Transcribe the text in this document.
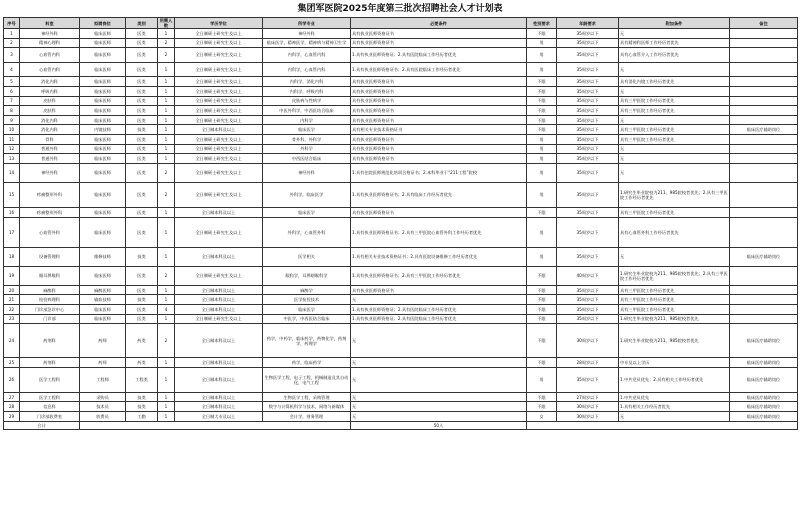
集团军医院2025年度第三批次招聘社会人才计划表
序号	科室	拟聘岗位	类别	所需人数	学历学位	所学专业	必要条件	性别要求	年龄要求	附加条件	备注
1	神经外科	临床医师	医类	1	全日制硕士研究生及以上	神经外科	具有执业医师资格证书	不限	35周岁以下	无	
2	精神心理科	临床医师	医类	2	全日制硕士研究生及以上	临床医学，精神医学，精神病与精神卫生学	具有执业医师资格证书	男	35周岁以下	具有精神科医师工作经历者优先	
3	心血管内科	临床医师	医类	2	全日制硕士研究生及以上	内科学，心血管内科	1.具有执业医师资格证；2.具有医院临床工作经历者优先	男	35周岁以下	具有心血管介入工作经历者优先	
4	心血管内科	临床医师	医类	1	全日制硕士研究生及以上	内科学，心血管内科	1.具有执业医师资格证书；2.具有医院临床工作经历者优先	男	35周岁以下	无	
5	消化内科	临床医师	医类	1	全日制硕士研究生及以上	内科学，消化内科	具有执业医师资格证书	不限	35周岁以下	具有消化内镜工作经历者优先	
6	呼吸内科	临床医师	医类	1	全日制硕士研究生及以上	内科学，呼吸内科	具有执业医师资格证书	不限	35周岁以下	无	
7	皮肤科	临床医师	医类	1	全日制硕士研究生及以上	皮肤病与性病学	具有执业医师资格证书	不限	35周岁以下	具有三甲医院工作经历者优先	
8	皮肤科	临床医师	医类	1	全日制硕士研究生及以上	中医外科学，中西医结合临床	具有执业医师资格证书	不限	35周岁以下	具有三甲医院工作经历者优先	
9	消化内科	临床医师	医类	1	全日制硕士研究生及以上	内科学	具有执业医师资格证书	不限	35周岁以下	无	
10	消化内科	内镜技师	技类	1	全日制本科及以上	临床医学	具有相关专业技术资格证书	不限	35周岁以下	具有三甲医院工作经历者优先	临床医疗辅助岗位
11	骨科	临床医师	医类	1	全日制硕士研究生及以上	骨外科，外科学	具有执业医师资格证书	男	35周岁以下	具有三甲医院工作经历者优先	
12	普通外科	临床医师	医类	1	全日制硕士研究生及以上	外科学	具有执业医师资格证书	男	35周岁以下	无	
13	普通外科	临床医师	医类	1	全日制硕士研究生及以上	中西医结合临床	具有执业医师资格证书	男	35周岁以下	无	
14	神经外科	临床医师	医类	2	全日制硕士研究生及以上	神经外科	1.具有住院医师规范化培训合格证书；2.本科毕业于“211工程”院校	男	35周岁以下	无	
15	疼痛整形外科	临床医师	医类	2	全日制硕士研究生及以上	外科学，临床医学	1.具有执业医师资格证书；2.具有临床工作经历者优先	男	35周岁以下	1.研究生毕业院校为211、985院校者优先；2.具有三甲医院工作经历者优先	
16	疼痛整形外科	临床医师	医类	1	全日制本科及以上	临床医学	具有执业医师资格证书	不限	35周岁以下	具有三甲医院工作经历者优先	
17	心血管外科	临床医师	医类	1	全日制硕士研究生及以上	外科学，心血管外科	1.具有执业医师资格证书；2.具有三甲医院心血管外科工作经历者优先	男	35周岁以下	具有心血管外科工作经历者优先	
18	设备管理科	维修技师	技类	1	全日制本科及以上	医学相关	1.具有相关专业技术资格证书；2.具有医院设备维修工作经历者优先	男	35周岁以下	无	临床医疗辅助岗位
19	眼耳鼻喉科	临床医师	医类	2	全日制硕士研究生及以上	眼科学，耳鼻咽喉科学	1.具有执业医师资格证书；2.具有三甲医院工作经历者优先	不限	40周岁以下	1.研究生毕业院校为211、985院校者优先；2.具有三甲医院工作经历者优先	
20	麻醉科	麻醉医师	医类	1	全日制本科及以上	麻醉学	具有执业医师资格证书	不限	35周岁以下	具有三甲医院工作经历者优先	
21	检验病理科	输血技师	技类	1	全日制本科及以上	医学检验技术	无	不限	35周岁以下	具有三甲医院工作经历者优先	
22	门诊部急诊中心	临床医师	医类	4	全日制本科及以上	临床医学	1.具有执业医师资格证；2.具有医院临床工作经历者优先	不限	35周岁以下	具有三甲医院工作经历者优先	
23	门诊部	临床医师	医类	1	全日制硕士研究生及以上	中医学，中西医结合临床	1.具有执业医师资格证；2.具有医院临床工作经历者优先	不限	35周岁以下	1.研究生毕业院校为211、985院校者优先	
24	药剂科	药师	药类	2	全日制本科及以上	药学，中药学，临床药学，药物化学，药剂学，药理学	无	不限	30周岁以下	1.研究生毕业院校为211、985院校者优先	临床医疗辅助岗位
25	药剂科	药师	药类	1	全日制本科及以上	药学，临床药学	无	不限	28周岁以下	中专及以上学历	临床医疗辅助岗位
26	医学工程科	工程师	工程类	1	全日制本科及以上	生物医学工程，电子工程，机械制造及其自动化，电气工程	无	男	35周岁以下	1.中共党员优先；2.具有相关工作经历者优先	临床医疗辅助岗位
27	医学工程科	采购员	技类	1	全日制本科及以上	生物医学工程，采购管理	无	不限	27周岁以下	1.中共党员优先	临床医疗辅助岗位
28	信息科	技术员	技类	1	全日制本科及以上	数字与计算机科学与技术，网络与新媒体	无	不限	30周岁以下	1.具有相关工作经历者优先	临床医疗辅助岗位
29	门诊部收费室	收费员	工勤	1	全日制大专及以上	会计学，财务管理	无	女	30周岁以下	无	临床医疗辅助岗位
合计							50人				
